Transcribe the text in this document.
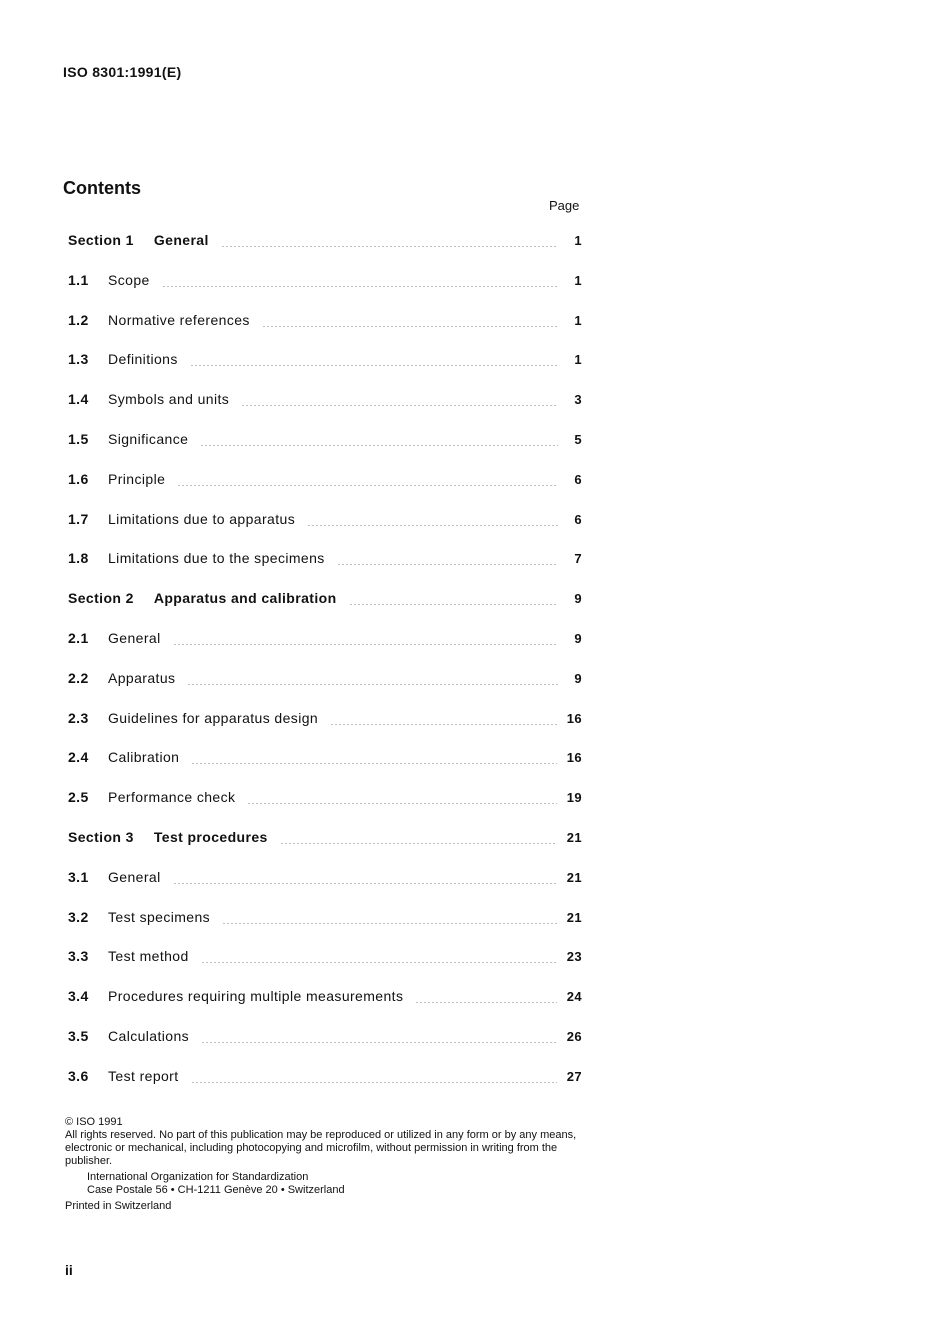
ISO 8301:1991(E)
Contents
Page
Section 1 General	1
1.1	Scope	1
1.2	Normative references	1
1.3	Definitions	1
1.4	Symbols and units	3
1.5	Significance	5
1.6	Principle	6
1.7	Limitations due to apparatus	6
1.8	Limitations due to the specimens	7
Section 2 Apparatus and calibration	9
2.1	General	9
2.2	Apparatus	9
2.3	Guidelines for apparatus design	16
2.4	Calibration	16
2.5	Performance check	19
Section 3 Test procedures	21
3.1	General	21
3.2	Test specimens	21
3.3	Test method	23
3.4	Procedures requiring multiple measurements	24
3.5	Calculations	26
3.6	Test report	27
© ISO 1991
All rights reserved. No part of this publication may be reproduced or utilized in any form or by any means, electronic or mechanical, including photocopying and microfilm, without permission in writing from the publisher.
International Organization for Standardization
Case Postale 56 • CH-1211 Genève 20 • Switzerland
Printed in Switzerland
ii
